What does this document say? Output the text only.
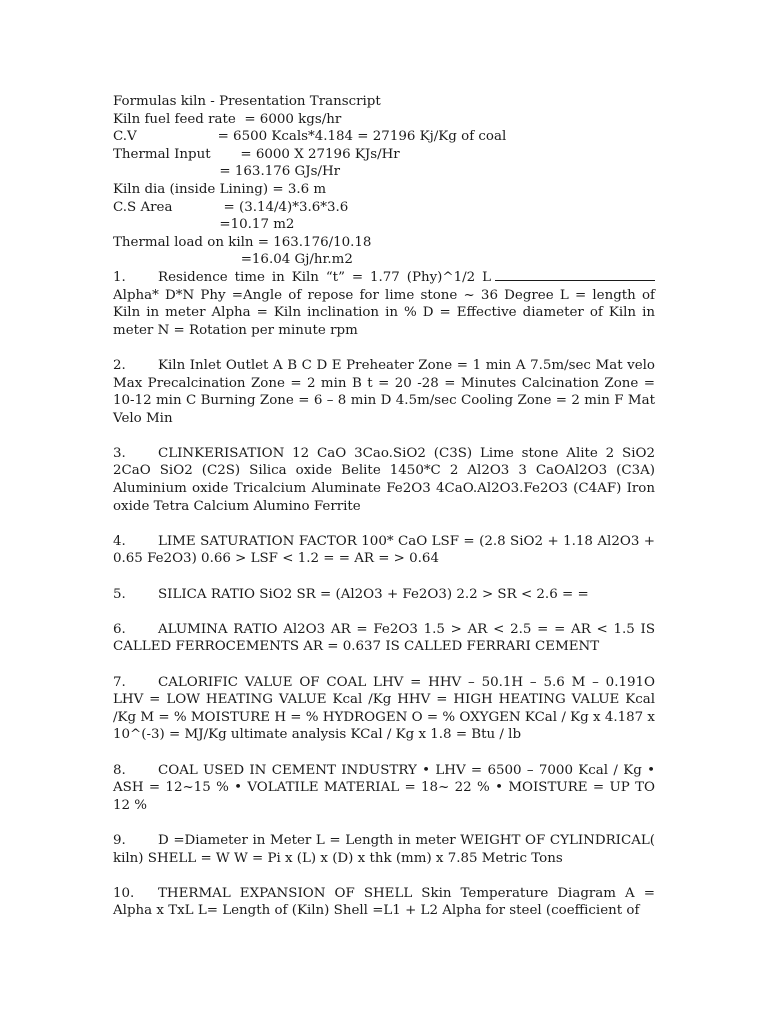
Formulas kiln - Presentation Transcript
Kiln fuel feed rate  = 6000 kgs/hr
C.V                   = 6500 Kcals*4.184 = 27196 Kj/Kg of coal
Thermal Input       = 6000 X 27196 KJs/Hr
= 163.176 GJs/Hr
Kiln dia (inside Lining) = 3.6 m
C.S Area            = (3.14/4)*3.6*3.6
=10.17 m2
Thermal load on kiln = 163.176/10.18
=16.04 Gj/hr.m2
1. Residence time in Kiln “t” = 1.77 (Phy)^1/2 L Alpha* D*N Phy =Angle of repose for lime stone ~ 36 Degree L = length of Kiln in meter Alpha = Kiln inclination in % D = Effective diameter of Kiln in meter N = Rotation per minute rpm
2. Kiln Inlet Outlet A B C D E Preheater Zone = 1 min A 7.5m/sec Mat velo Max Precalcination Zone = 2 min B t = 20 -28 = Minutes Calcination Zone = 10-12 min C Burning Zone = 6 – 8 min D 4.5m/sec Cooling Zone = 2 min F Mat Velo Min
3. CLINKERISATION 12 CaO 3Cao.SiO2 (C3S) Lime stone Alite 2 SiO2 2CaO SiO2 (C2S) Silica oxide Belite 1450*C 2 Al2O3 3 CaOAl2O3 (C3A) Aluminium oxide Tricalcium Aluminate Fe2O3 4CaO.Al2O3.Fe2O3 (C4AF) Iron oxide Tetra Calcium Alumino Ferrite
4. LIME SATURATION FACTOR 100* CaO LSF = (2.8 SiO2 + 1.18 Al2O3 + 0.65 Fe2O3) 0.66 > LSF < 1.2 = = AR = > 0.64
5. SILICA RATIO SiO2 SR = (Al2O3 + Fe2O3) 2.2 > SR < 2.6 = =
6. ALUMINA RATIO Al2O3 AR = Fe2O3 1.5 > AR < 2.5 = = AR < 1.5 IS CALLED FERROCEMENTS AR = 0.637 IS CALLED FERRARI CEMENT
7. CALORIFIC VALUE OF COAL LHV = HHV – 50.1H – 5.6 M – 0.191O LHV = LOW HEATING VALUE Kcal /Kg HHV = HIGH HEATING VALUE Kcal /Kg M = % MOISTURE H = % HYDROGEN O = % OXYGEN KCal / Kg x 4.187 x 10^(-3) = MJ/Kg ultimate analysis KCal / Kg x 1.8 = Btu / lb
8. COAL USED IN CEMENT INDUSTRY • LHV = 6500 – 7000 Kcal / Kg • ASH = 12~15 % • VOLATILE MATERIAL = 18~ 22 % • MOISTURE = UP TO 12 %
9. D =Diameter in Meter L = Length in meter WEIGHT OF CYLINDRICAL( kiln) SHELL = W W = Pi x (L) x (D) x thk (mm) x 7.85 Metric Tons
10. THERMAL EXPANSION OF SHELL Skin Temperature Diagram A = Alpha x TxL L= Length of (Kiln) Shell =L1 + L2 Alpha for steel (coefficient of
